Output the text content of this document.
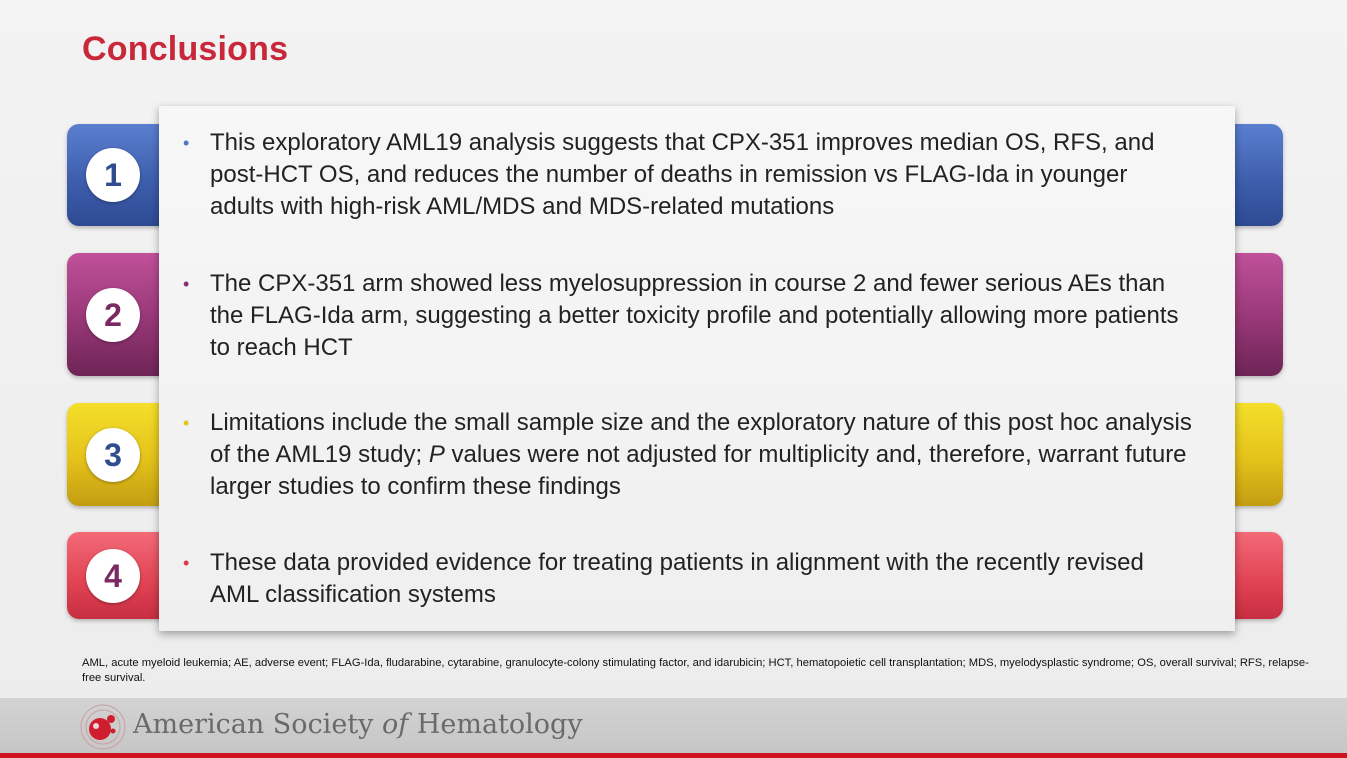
Conclusions
1
2
3
4
• This exploratory AML19 analysis suggests that CPX-351 improves median OS, RFS, and post-HCT OS, and reduces the number of deaths in remission vs FLAG-Ida in younger adults with high-risk AML/MDS and MDS-related mutations
• The CPX-351 arm showed less myelosuppression in course 2 and fewer serious AEs than the FLAG-Ida arm, suggesting a better toxicity profile and potentially allowing more patients to reach HCT
• Limitations include the small sample size and the exploratory nature of this post hoc analysis of the AML19 study; P values were not adjusted for multiplicity and, therefore, warrant future larger studies to confirm these findings
• These data provided evidence for treating patients in alignment with the recently revised AML classification systems
AML, acute myeloid leukemia; AE, adverse event; FLAG-Ida, fludarabine, cytarabine, granulocyte-colony stimulating factor, and idarubicin; HCT, hematopoietic cell transplantation; MDS, myelodysplastic syndrome; OS, overall survival; RFS, relapse-free survival.
American Society of Hematology
